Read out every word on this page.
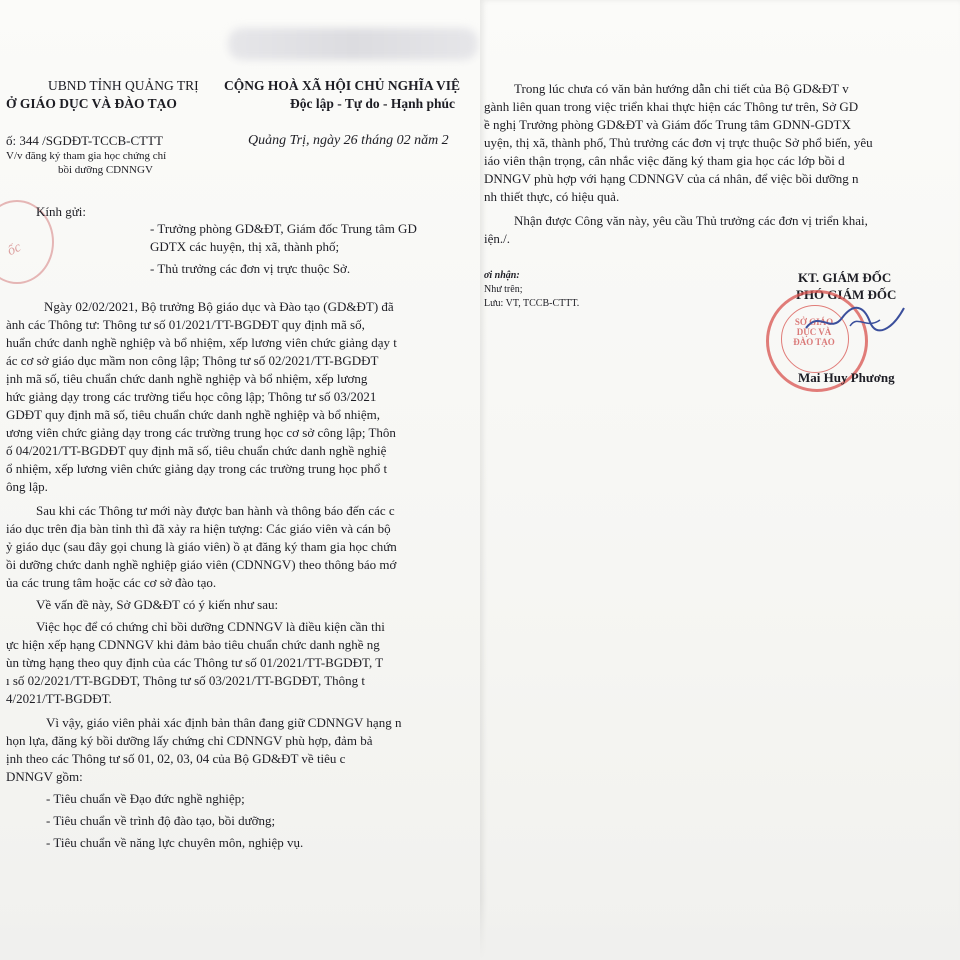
UBND TỈNH QUẢNG TRỊ
Ở GIÁO DỤC VÀ ĐÀO TẠO
CỘNG HOÀ XÃ HỘI CHỦ NGHĨA VIỆ
Độc lập - Tự do - Hạnh phúc
ố: 344 /SGDĐT-TCCB-CTTT
V/v đăng ký tham gia học chứng chỉ
bồi dưỡng CDNNGV
Quảng Trị, ngày 26 tháng 02 năm 2
ốc
Kính gửi:
- Trưởng phòng GD&ĐT, Giám đốc Trung tâm GD
GDTX các huyện, thị xã, thành phố;
- Thủ trưởng các đơn vị trực thuộc Sở.
Ngày 02/02/2021, Bộ trưởng Bộ giáo dục và Đào tạo (GD&ĐT) đã
ành các Thông tư: Thông tư số 01/2021/TT-BGDĐT quy định mã số,
huẩn chức danh nghề nghiệp và bổ nhiệm, xếp lương viên chức giảng dạy t
ác cơ sở giáo dục mầm non công lập; Thông tư số 02/2021/TT-BGDĐT
ịnh mã số, tiêu chuẩn chức danh nghề nghiệp và bổ nhiệm, xếp lương
hức giảng dạy trong các trường tiểu học công lập; Thông tư số 03/2021
GDĐT quy định mã số, tiêu chuẩn chức danh nghề nghiệp và bổ nhiệm,
ương viên chức giảng dạy trong các trường trung học cơ sở công lập; Thôn
ố 04/2021/TT-BGDĐT quy định mã số, tiêu chuẩn chức danh nghề nghiệ
ổ nhiệm, xếp lương viên chức giảng dạy trong các trường trung học phổ t
ông lập.
Sau khi các Thông tư mới này được ban hành và thông báo đến các c
iáo dục trên địa bàn tỉnh thì đã xảy ra hiện tượng: Các giáo viên và cán bộ
ỷ giáo dục (sau đây gọi chung là giáo viên) ồ ạt đăng ký tham gia học chứn
ồi dưỡng chức danh nghề nghiệp giáo viên (CDNNGV) theo thông báo mớ
ủa các trung tâm hoặc các cơ sở đào tạo.
Về vấn đề này, Sở GD&ĐT có ý kiến như sau:
Việc học để có chứng chỉ bồi dưỡng CDNNGV là điều kiện cần thi
ực hiện xếp hạng CDNNGV khi đảm bảo tiêu chuẩn chức danh nghề ng
ùn từng hạng theo quy định của các Thông tư số 01/2021/TT-BGDĐT, T
ı số 02/2021/TT-BGDĐT, Thông tư số 03/2021/TT-BGDĐT, Thông t
4/2021/TT-BGDĐT.
Vì vậy, giáo viên phải xác định bản thân đang giữ CDNNGV hạng n
họn lựa, đăng ký bồi dưỡng lấy chứng chỉ CDNNGV phù hợp, đảm bả
ịnh theo các Thông tư số 01, 02, 03, 04 của Bộ GD&ĐT về tiêu c
DNNGV gồm:
- Tiêu chuẩn về Đạo đức nghề nghiệp;
- Tiêu chuẩn về trình độ đào tạo, bồi dưỡng;
- Tiêu chuẩn về năng lực chuyên môn, nghiệp vụ.
Trong lúc chưa có văn bản hướng dẫn chi tiết của Bộ GD&ĐT v
gành liên quan trong việc triển khai thực hiện các Thông tư trên, Sở GD
ề nghị Trưởng phòng GD&ĐT và Giám đốc Trung tâm GDNN-GDTX
uyện, thị xã, thành phố, Thủ trưởng các đơn vị trực thuộc Sở phổ biến, yêu
iáo viên thận trọng, cân nhắc việc đăng ký tham gia học các lớp bồi d
DNNGV phù hợp với hạng CDNNGV của cá nhân, để việc bồi dưỡng n
nh thiết thực, có hiệu quả.
Nhận được Công văn này, yêu cầu Thủ trưởng các đơn vị triển khai,
iện./.
ơi nhận:
Như trên;
Lưu: VT, TCCB-CTTT.
KT. GIÁM ĐỐC
PHÓ GIÁM ĐỐC
SỞ GIÁO DỤC VÀ ĐÀO TẠO
Mai Huy Phương
